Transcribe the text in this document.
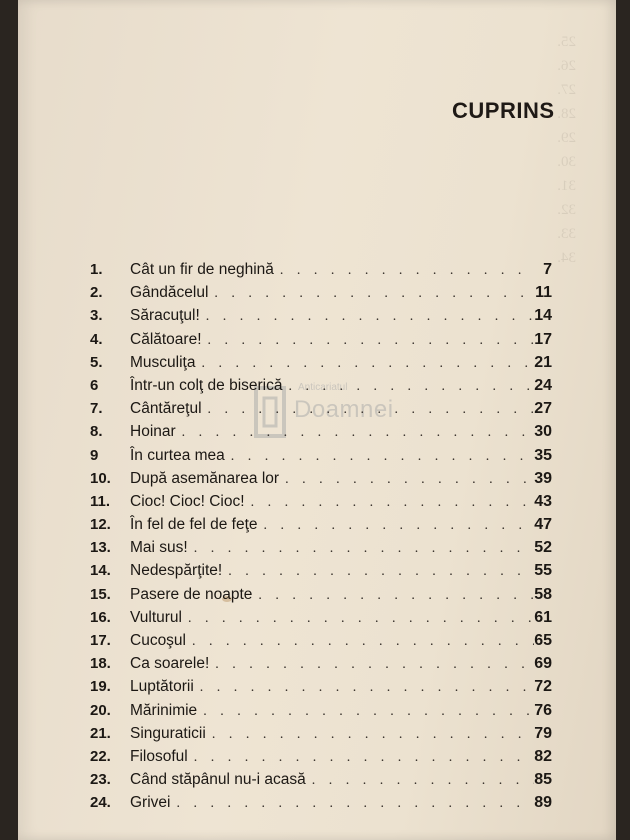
25.
26.
27.
28.
29.
30.
31.
32.
33.
34.
CUPRINS
Anticariatul
Doamnei
1.	Cât un fir de neghină . . .	7
2.	Gândăcelul . . .	11
3.	Săracuţul! . . .	14
4.	Călătoare! . . .	17
5.	Musculiţa . . .	21
6	Într-un colţ de biserică . . .	24
7.	Cântăreţul . . .	27
8.	Hoinar . . .	30
9	În curtea mea . . .	35
10.	După asemănarea lor . . .	39
11.	Cioc! Cioc! Cioc! . . .	43
12.	În fel de fel de feţe . . .	47
13.	Mai sus! . . .	52
14.	Nedespărţite! . . .	55
15.	Pasere de noapte . . .	58
16.	Vulturul . . .	61
17.	Cucoşul . . .	65
18.	Ca soarele! . . .	69
19.	Luptătorii . . .	72
20.	Mărinimie . . .	76
21.	Singuraticii . . .	79
22.	Filosoful . . .	82
23.	Când stăpânul nu-i acasă . . .	85
24.	Grivei . . .	89
